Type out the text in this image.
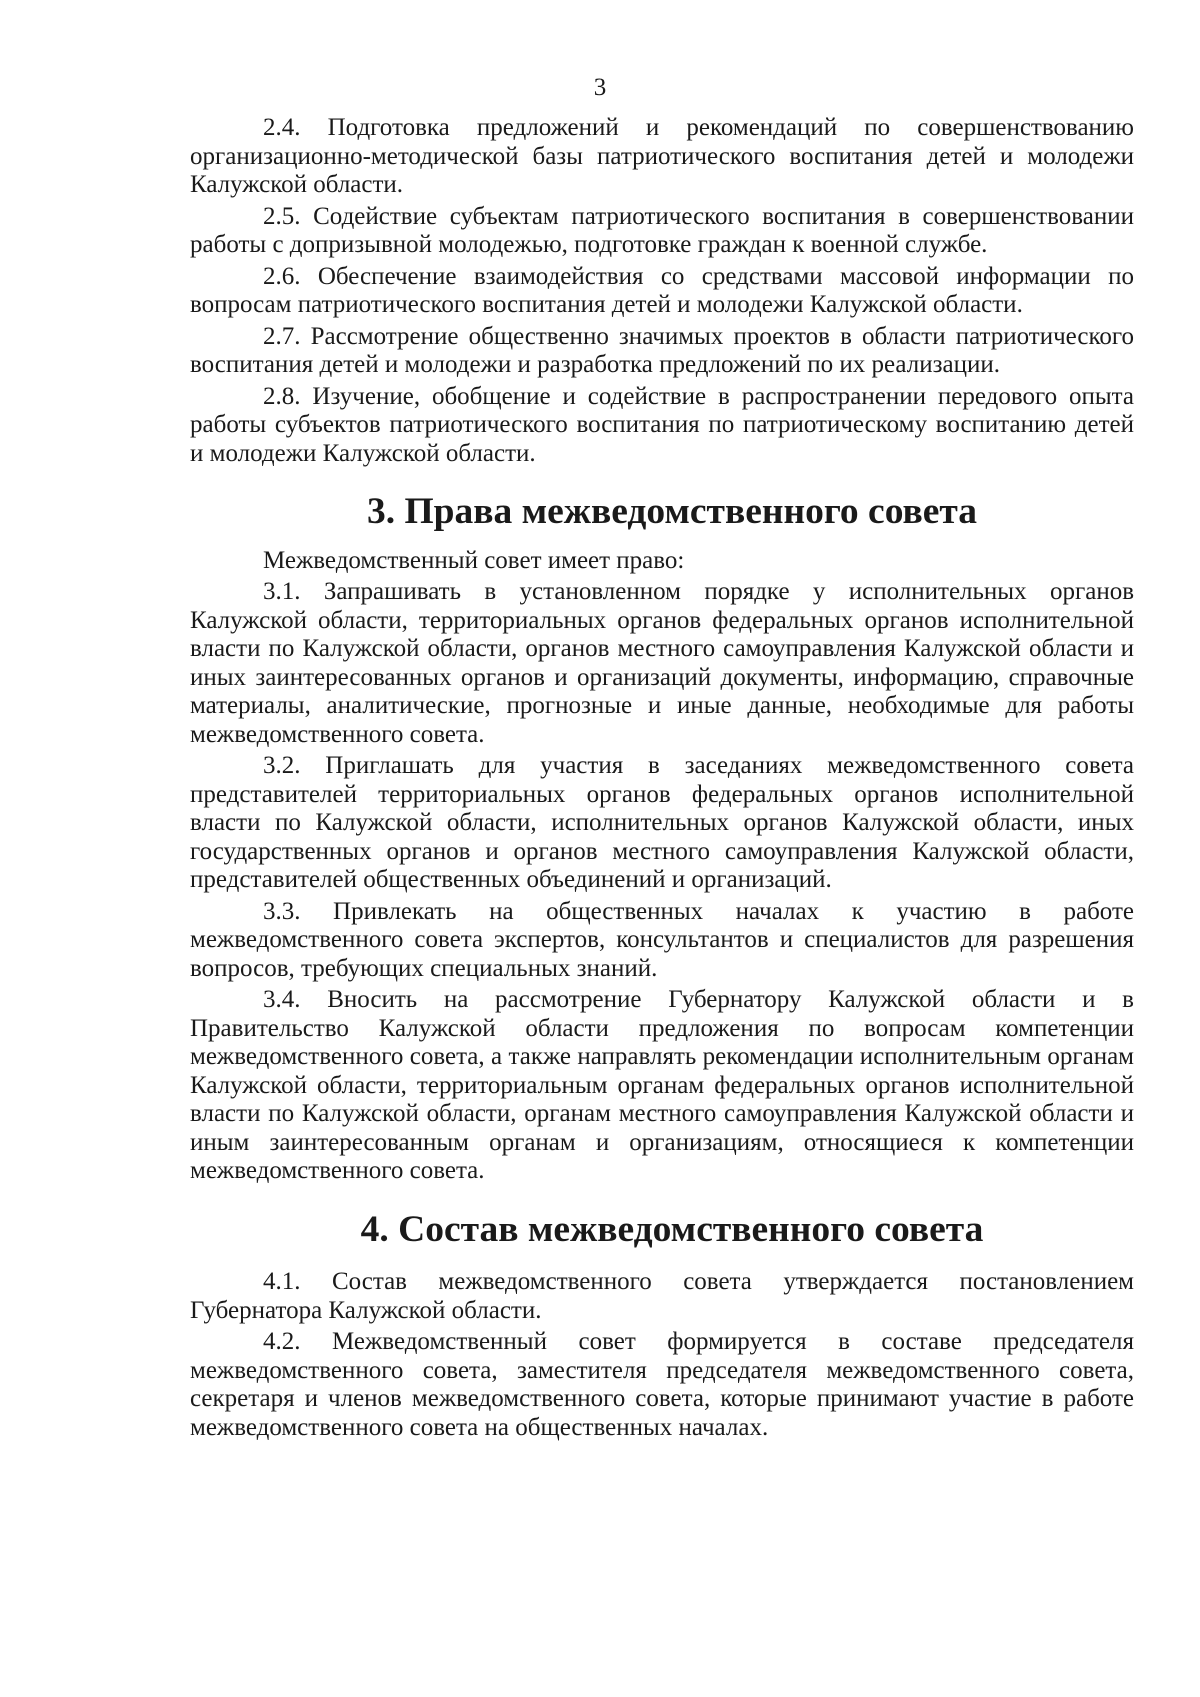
3

2.4. Подготовка предложений и рекомендаций по совершенствованию организационно-методической базы патриотического воспитания детей и молодежи Калужской области.

2.5. Содействие субъектам патриотического воспитания в совершенствовании работы с допризывной молодежью, подготовке граждан к военной службе.

2.6. Обеспечение взаимодействия со средствами массовой информации по вопросам патриотического воспитания детей и молодежи Калужской области.

2.7. Рассмотрение общественно значимых проектов в области патриотического воспитания детей и молодежи и разработка предложений по их реализации.

2.8. Изучение, обобщение и содействие в распространении передового опыта работы субъектов патриотического воспитания по патриотическому воспитанию детей и молодежи Калужской области.

3. Права межведомственного совета

Межведомственный совет имеет право:

3.1. Запрашивать в установленном порядке у исполнительных органов Калужской области, территориальных органов федеральных органов исполнительной власти по Калужской области, органов местного самоуправления Калужской области и иных заинтересованных органов и организаций документы, информацию, справочные материалы, аналитические, прогнозные и иные данные, необходимые для работы межведомственного совета.

3.2. Приглашать для участия в заседаниях межведомственного совета представителей территориальных органов федеральных органов исполнительной власти по Калужской области, исполнительных органов Калужской области, иных государственных органов и органов местного самоуправления Калужской области, представителей общественных объединений и организаций.

3.3. Привлекать на общественных началах к участию в работе межведомственного совета экспертов, консультантов и специалистов для разрешения вопросов, требующих специальных знаний.

3.4. Вносить на рассмотрение Губернатору Калужской области и в Правительство Калужской области предложения по вопросам компетенции межведомственного совета, а также направлять рекомендации исполнительным органам Калужской области, территориальным органам федеральных органов исполнительной власти по Калужской области, органам местного самоуправления Калужской области и иным заинтересованным органам и организациям, относящиеся к компетенции межведомственного совета.

4. Состав межведомственного совета

4.1. Состав межведомственного совета утверждается постановлением Губернатора Калужской области.

4.2. Межведомственный совет формируется в составе председателя межведомственного совета, заместителя председателя межведомственного совета, секретаря и членов межведомственного совета, которые принимают участие в работе межведомственного совета на общественных началах.
